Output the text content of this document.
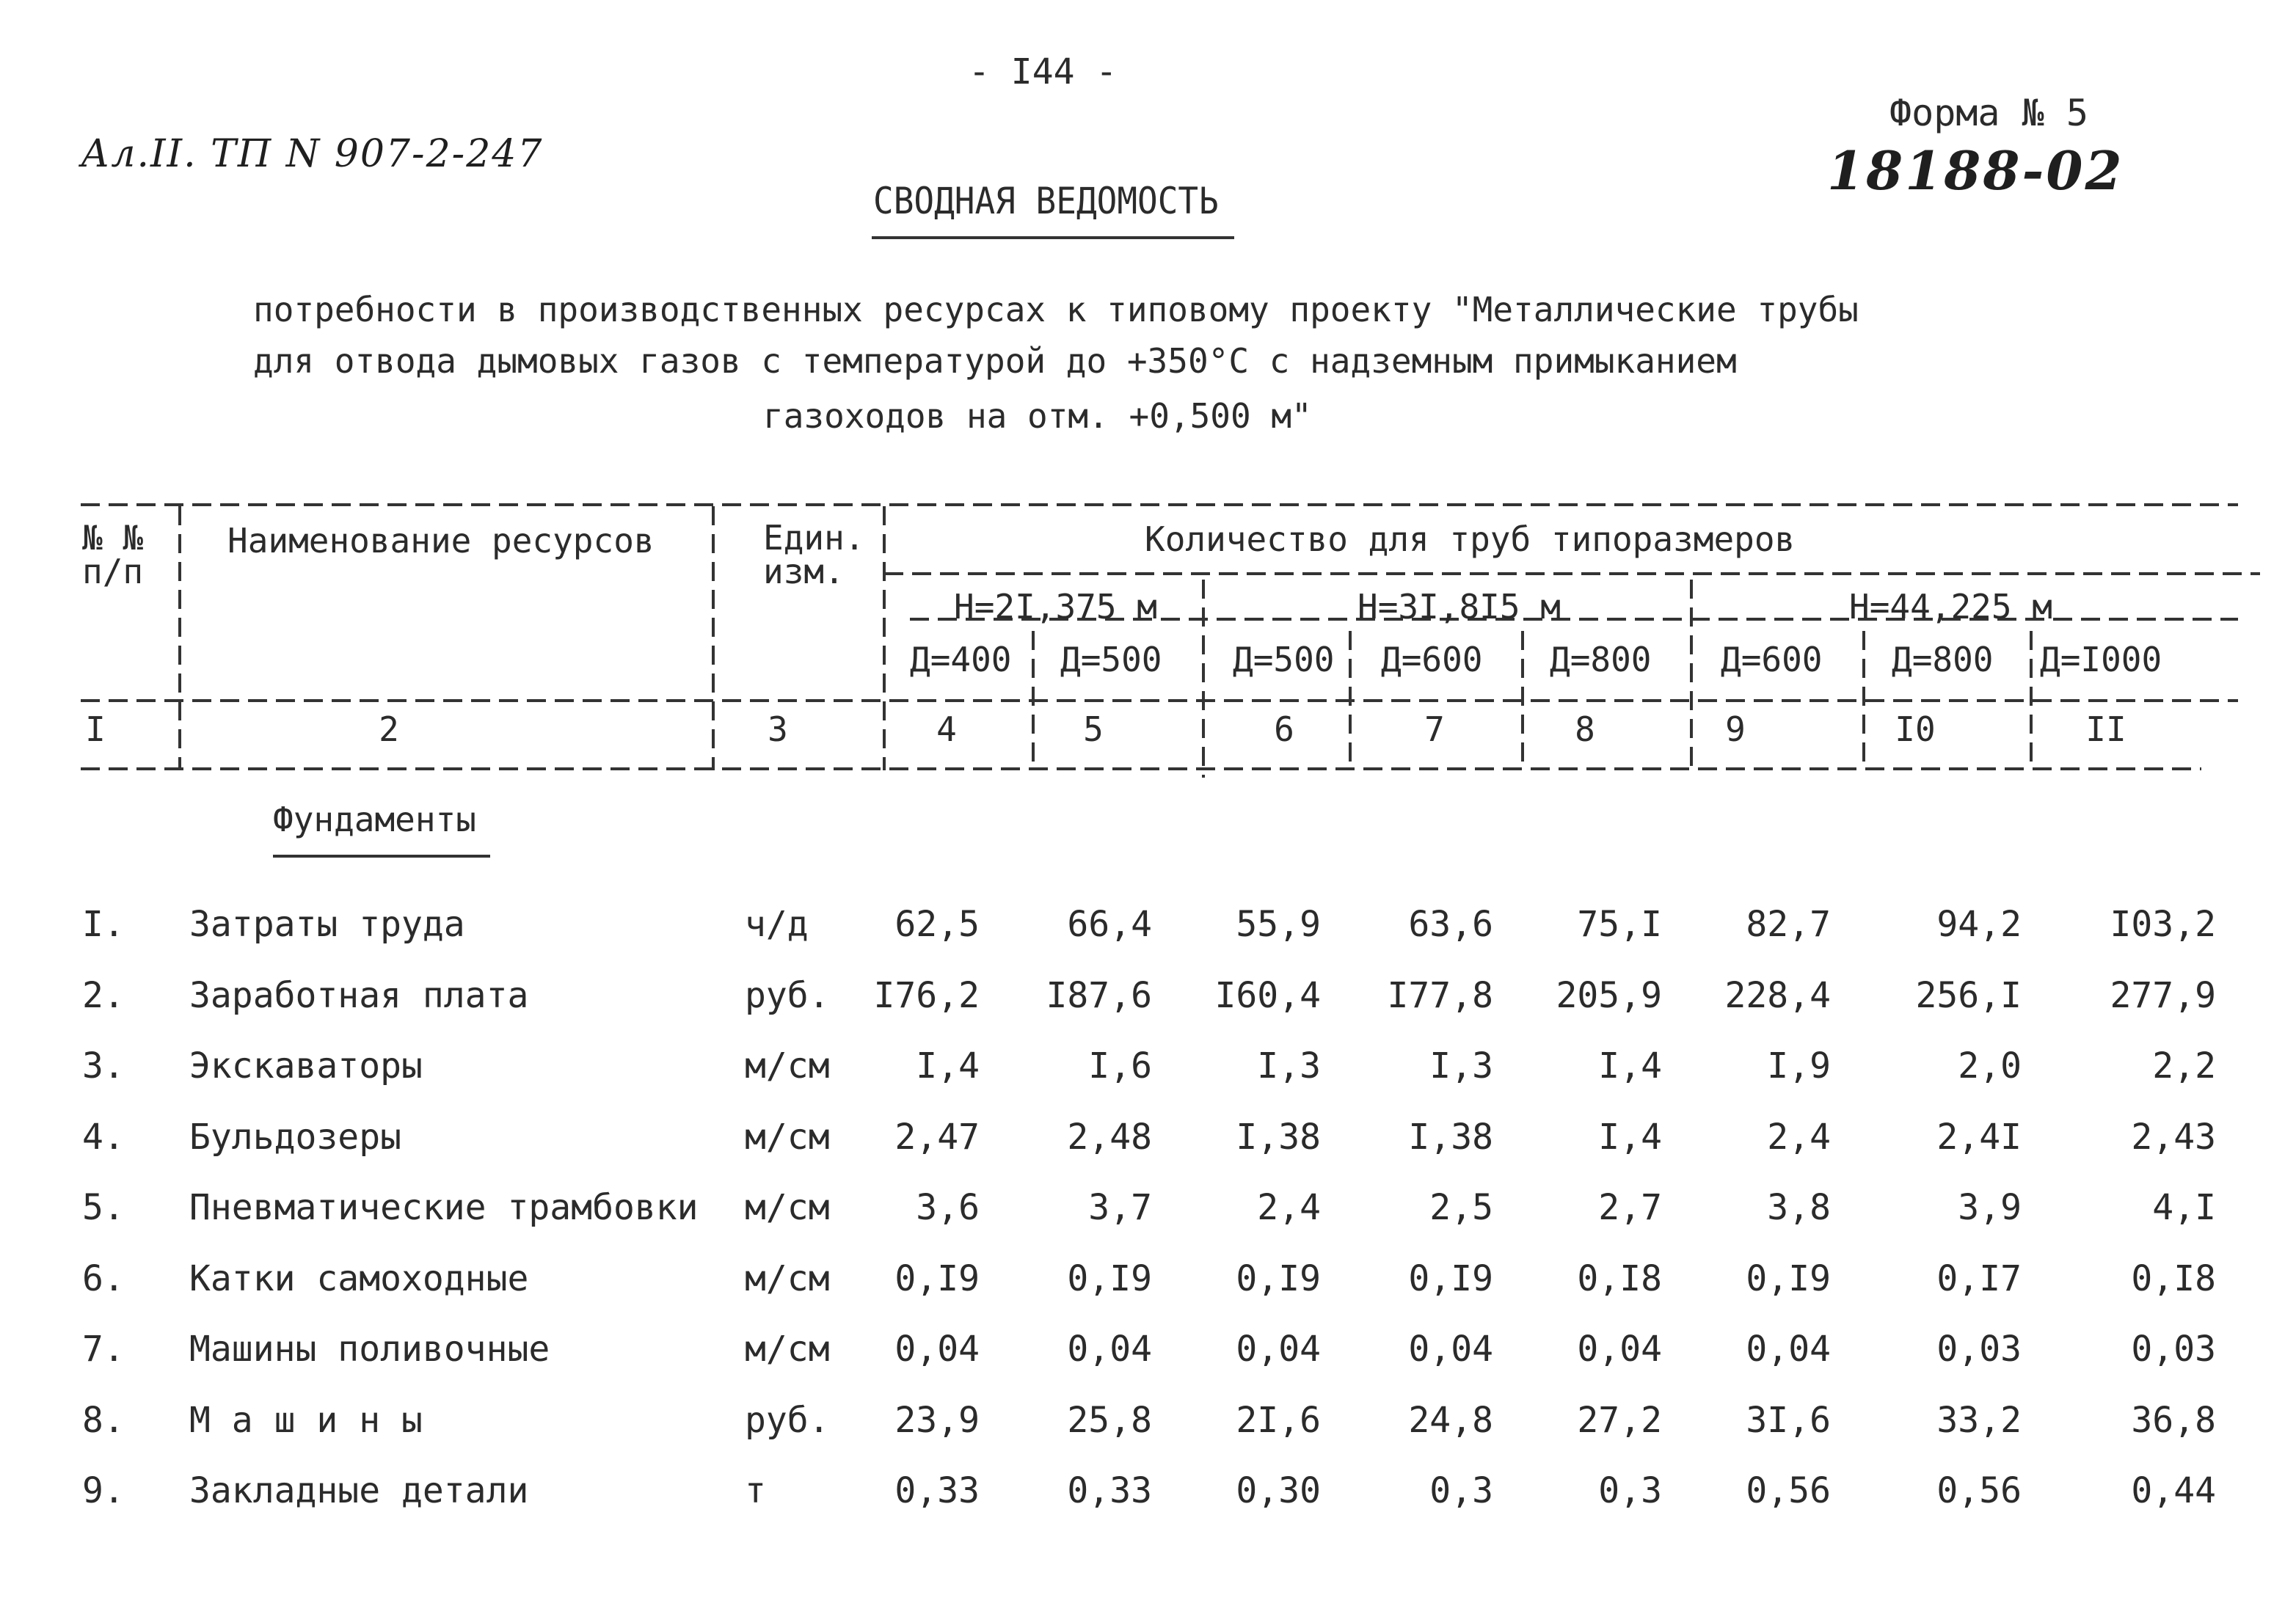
- I44 -
Ал.II. ТП N 907-2-247
Форма № 5
18188-02
СВОДНАЯ ВЕДОМОСТЬ
потребности в производственных ресурсах к типовому проекту "Металлические трубы
для отвода дымовых газов с температурой до +350°С с надземным примыканием
газоходов на отм. +0,500 м"
№ № п/п
Наименование ресурсов	Един. изм.
Количество для труб типоразмеров
Н=2I,375 м	Н=3I,8I5 м	Н=44,225 м
Д=400 Д=500 Д=500 Д=600 Д=800 Д=600 Д=800 Д=I000
I	2	3	4	5	6	7	8	9	I0	II
Фундаменты
I. Затраты труда	ч/д	62,5	66,4	55,9	63,6	75,I	82,7	94,2	I03,2
2. Заработная плата	руб.	I76,2	I87,6	I60,4	I77,8	205,9	228,4	256,I	277,9
3. Экскаваторы	м/см	I,4	I,6	I,3	I,3	I,4	I,9	2,0	2,2
4. Бульдозеры	м/см	2,47	2,48	I,38	I,38	I,4	2,4	2,4I	2,43
5. Пневматические трамбовки м/см	3,6	3,7	2,4	2,5	2,7	3,8	3,9	4,I
6. Катки самоходные	м/см	0,I9	0,I9	0,I9	0,I9	0,I8	0,I9	0,I7	0,I8
7. Машины поливочные	м/см	0,04	0,04	0,04	0,04	0,04	0,04	0,03	0,03
8. М а ш и н ы	руб.	23,9	25,8	2I,6	24,8	27,2	3I,6	33,2	36,8
9. Закладные детали	т	0,33	0,33	0,30	0,3	0,3	0,56	0,56	0,44
